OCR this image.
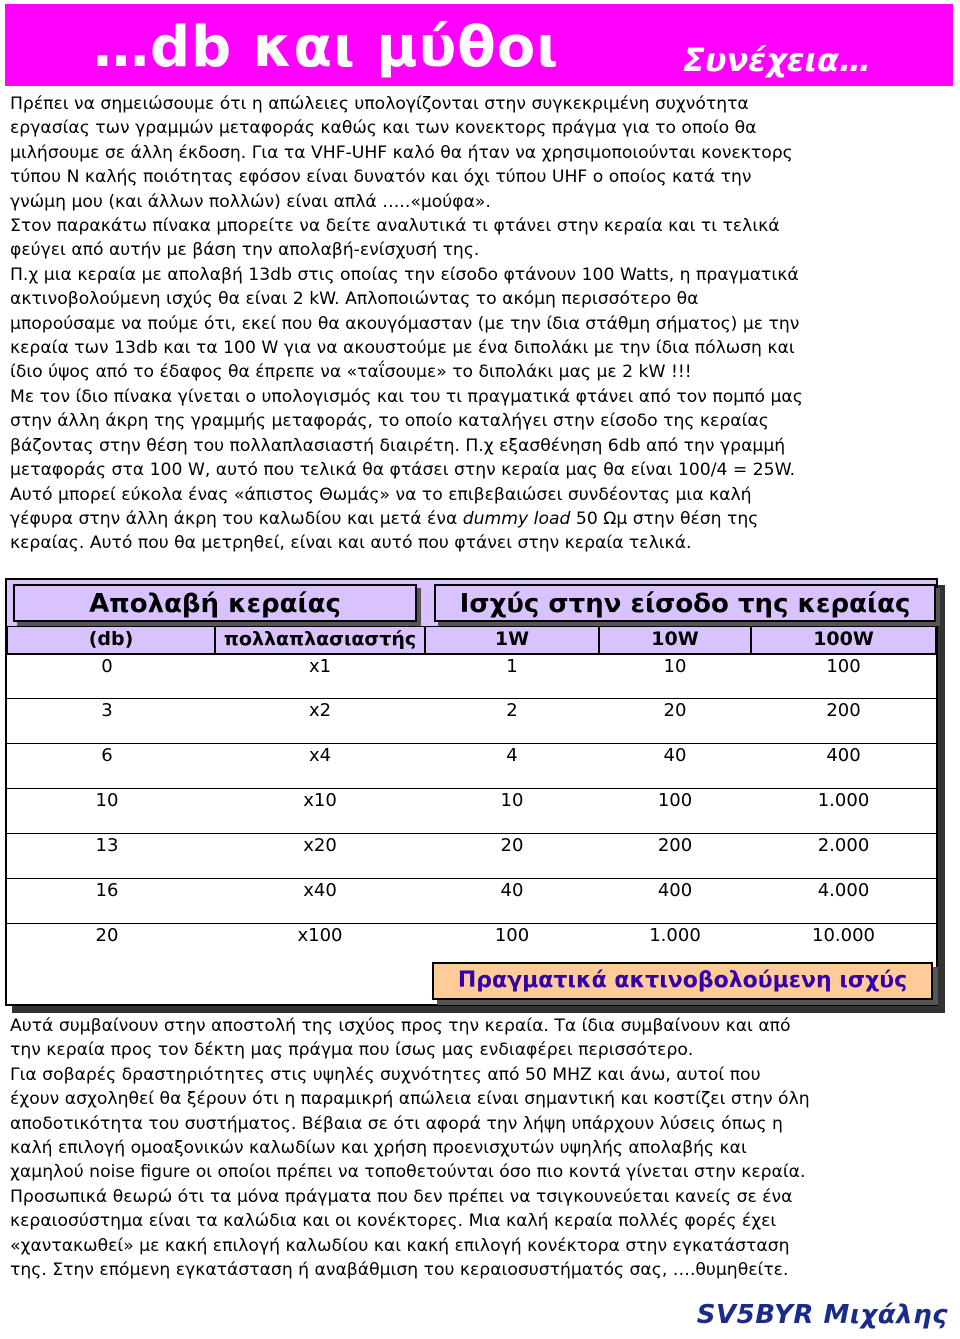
…db και μύθοι	Συνέχεια…

Πρέπει να σημειώσουμε ότι η απώλειες υπολογίζονται στην συγκεκριμένη συχνότητα

εργασίας των γραμμών μεταφοράς καθώς και των κονεκτορς πράγμα για το οποίο θα

μιλήσουμε σε άλλη έκδοση. Για τα VHF-UHF καλό θα ήταν να χρησιμοποιούνται κονεκτορς

τύπου N καλής ποιότητας εφόσον είναι δυνατόν και όχι τύπου UHF ο οποίος κατά την

γνώμη μου (και άλλων πολλών) είναι απλά …..«μούφα».

Στον παρακάτω πίνακα μπορείτε να δείτε αναλυτικά τι φτάνει στην κεραία και τι τελικά

φεύγει από αυτήν με βάση την απολαβή-ενίσχυσή της.

Π.χ μια κεραία με απολαβή 13db στις οποίας την είσοδο φτάνουν 100 Watts, η πραγματικά

ακτινοβολούμενη ισχύς θα είναι 2 kW. Απλοποιώντας το ακόμη περισσότερο θα

μπορούσαμε να πούμε ότι, εκεί που θα ακουγόμασταν (με την ίδια στάθμη σήματος) με την

κεραία των 13db και τα 100 W για να ακουστούμε με ένα διπολάκι με την ίδια πόλωση και

ίδιο ύψος από το έδαφος θα έπρεπε να «ταΐσουμε» το διπολάκι μας με 2 kW !!!

Με τον ίδιο πίνακα γίνεται ο υπολογισμός και του τι πραγματικά φτάνει από τον πομπό μας

στην άλλη άκρη της γραμμής μεταφοράς, το οποίο καταλήγει στην είσοδο της κεραίας

βάζοντας στην θέση του πολλαπλασιαστή διαιρέτη. Π.χ εξασθένηση 6db από την γραμμή

μεταφοράς στα 100 W, αυτό που τελικά θα φτάσει στην κεραία μας θα είναι 100/4 = 25W.

Αυτό μπορεί εύκολα ένας «άπιστος Θωμάς» να το επιβεβαιώσει συνδέοντας μια καλή

γέφυρα στην άλλη άκρη του καλωδίου και μετά ένα dummy load 50 Ωμ στην θέση της

κεραίας. Αυτό που θα μετρηθεί, είναι και αυτό που φτάνει στην κεραία τελικά.

Απολαβή κεραίας	Ισχύς στην είσοδο της κεραίας
(db)	πολλαπλασιαστής	1W	10W	100W
0	x1	1	10	100
3	x2	2	20	200
6	x4	4	40	400
10	x10	10	100	1.000
13	x20	20	200	2.000
16	x40	40	400	4.000
20	x100	100	1.000	10.000
Πραγματικά ακτινοβολούμενη ισχύς

Αυτά συμβαίνουν στην αποστολή της ισχύος προς την κεραία. Τα ίδια συμβαίνουν και από

την κεραία προς τον δέκτη μας πράγμα που ίσως μας ενδιαφέρει περισσότερο.

Για σοβαρές δραστηριότητες στις υψηλές συχνότητες από 50 MHZ και άνω, αυτοί που

έχουν ασχοληθεί θα ξέρουν ότι η παραμικρή απώλεια είναι σημαντική και κοστίζει στην όλη

αποδοτικότητα του συστήματος. Βέβαια σε ότι αφορά την λήψη υπάρχουν λύσεις όπως η

καλή επιλογή ομοαξονικών καλωδίων και χρήση προενισχυτών υψηλής απολαβής και

χαμηλού noise figure οι οποίοι πρέπει να τοποθετούνται όσο πιο κοντά γίνεται στην κεραία.

Προσωπικά θεωρώ ότι τα μόνα πράγματα που δεν πρέπει να τσιγκουνεύεται κανείς σε ένα

κεραιοσύστημα είναι τα καλώδια και οι κονέκτορες. Μια καλή κεραία πολλές φορές έχει

«χαντακωθεί» με κακή επιλογή καλωδίου και κακή επιλογή κονέκτορα στην εγκατάσταση

της. Στην επόμενη εγκατάσταση ή αναβάθμιση του κεραιοσυστήματός σας, ….θυμηθείτε.

SV5BYR Μιχάλης
